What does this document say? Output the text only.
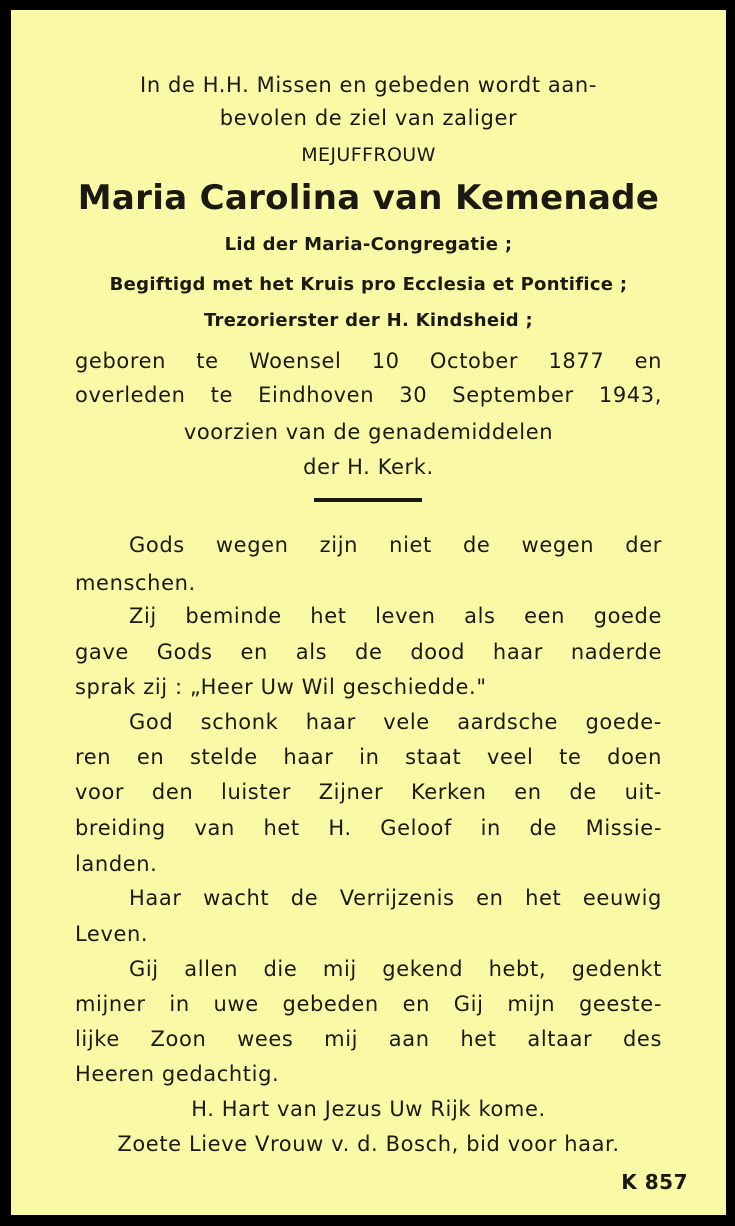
In de H.H. Missen en gebeden wordt aan-
bevolen de ziel van zaliger
MEJUFFROUW
Maria Carolina van Kemenade
Lid der Maria-Congregatie ;
Begiftigd met het Kruis pro Ecclesia et Pontifice ;
Trezorierster der H. Kindsheid ;
geboren te Woensel 10 October 1877 en
overleden te Eindhoven 30 September 1943,
voorzien van de genademiddelen
der H. Kerk.
Gods wegen zijn niet de wegen der
menschen.
Zij beminde het leven als een goede
gave Gods en als de dood haar naderde
sprak zij : „Heer Uw Wil geschiedde."
God schonk haar vele aardsche goede-
ren en stelde haar in staat veel te doen
voor den luister Zijner Kerken en de uit-
breiding van het H. Geloof in de Missie-
landen.
Haar wacht de Verrijzenis en het eeuwig
Leven.
Gij allen die mij gekend hebt, gedenkt
mijner in uwe gebeden en Gij mijn geeste-
lijke Zoon wees mij aan het altaar des
Heeren gedachtig.
H. Hart van Jezus Uw Rijk kome.
Zoete Lieve Vrouw v. d. Bosch, bid voor haar.
K 857
